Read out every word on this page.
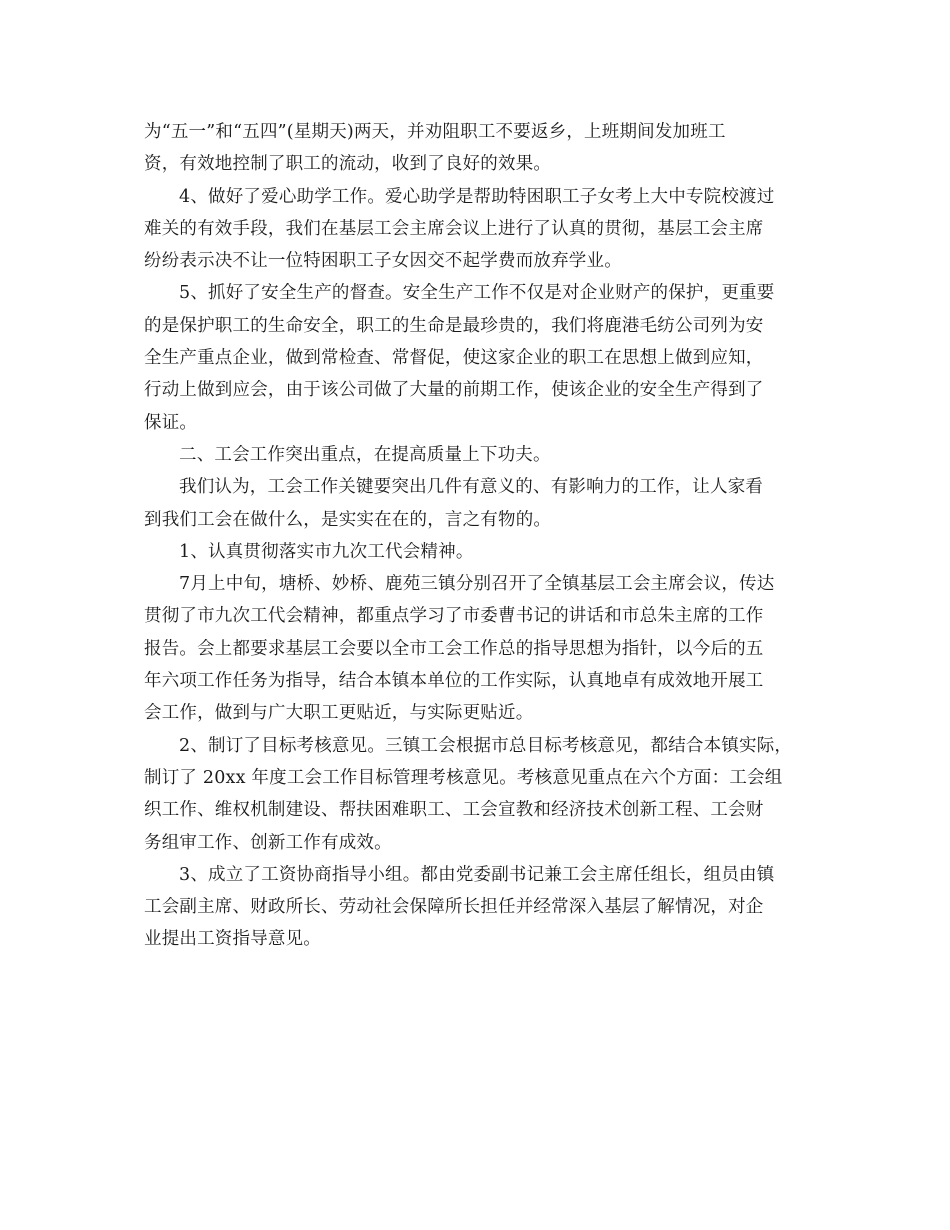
为“五一”和“五四”(星期天)两天，并劝阻职工不要返乡，上班期间发加班工
资，有效地控制了职工的流动，收到了良好的效果。
4、做好了爱心助学工作。爱心助学是帮助特困职工子女考上大中专院校渡过
难关的有效手段，我们在基层工会主席会议上进行了认真的贯彻，基层工会主席
纷纷表示决不让一位特困职工子女因交不起学费而放弃学业。
5、抓好了安全生产的督查。安全生产工作不仅是对企业财产的保护，更重要
的是保护职工的生命安全，职工的生命是最珍贵的，我们将鹿港毛纺公司列为安
全生产重点企业，做到常检查、常督促，使这家企业的职工在思想上做到应知，
行动上做到应会，由于该公司做了大量的前期工作，使该企业的安全生产得到了
保证。
二、工会工作突出重点，在提高质量上下功夫。
我们认为，工会工作关键要突出几件有意义的、有影响力的工作，让人家看
到我们工会在做什么，是实实在在的，言之有物的。
1、认真贯彻落实市九次工代会精神。
7月上中旬，塘桥、妙桥、鹿苑三镇分别召开了全镇基层工会主席会议，传达
贯彻了市九次工代会精神，都重点学习了市委曹书记的讲话和市总朱主席的工作
报告。会上都要求基层工会要以全市工会工作总的指导思想为指针，以今后的五
年六项工作任务为指导，结合本镇本单位的工作实际，认真地卓有成效地开展工
会工作，做到与广大职工更贴近，与实际更贴近。
2、制订了目标考核意见。三镇工会根据市总目标考核意见，都结合本镇实际，
制订了 20xx 年度工会工作目标管理考核意见。考核意见重点在六个方面：工会组
织工作、维权机制建设、帮扶困难职工、工会宣教和经济技术创新工程、工会财
务组审工作、创新工作有成效。
3、成立了工资协商指导小组。都由党委副书记兼工会主席任组长，组员由镇
工会副主席、财政所长、劳动社会保障所长担任并经常深入基层了解情况，对企
业提出工资指导意见。
